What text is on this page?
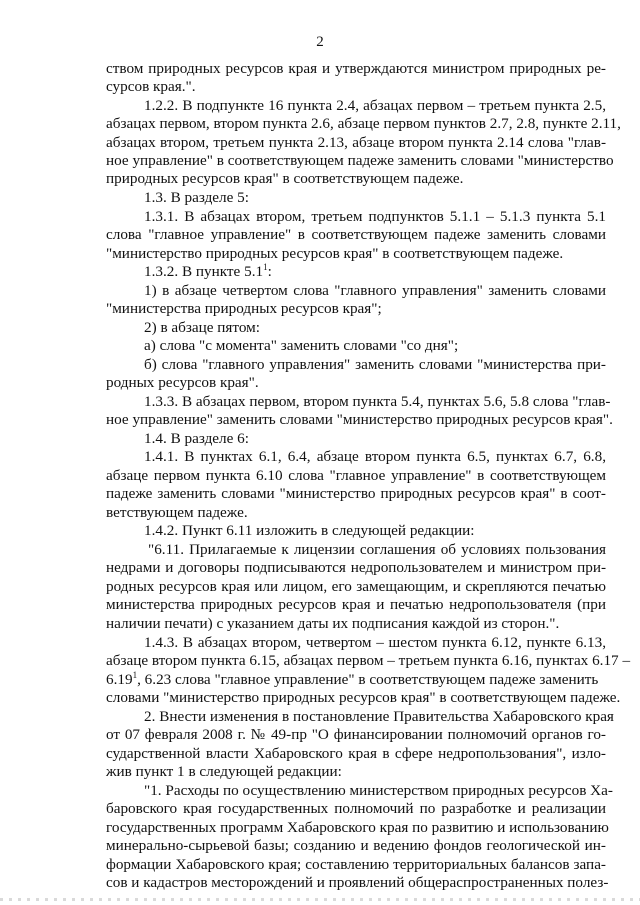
2
ством природных ресурсов края и утверждаются министром природных ре-
сурсов края.".
1.2.2. В подпункте 16 пункта 2.4, абзацах первом – третьем пункта 2.5,
абзацах первом, втором пункта 2.6, абзаце первом пунктов 2.7, 2.8, пункте 2.11,
абзацах втором, третьем пункта 2.13, абзаце втором пункта 2.14 слова "глав-
ное управление" в соответствующем падеже заменить словами "министерство
природных ресурсов края" в соответствующем падеже.
1.3. В разделе 5:
1.3.1. В абзацах втором, третьем подпунктов 5.1.1 – 5.1.3 пункта 5.1
слова "главное управление" в соответствующем падеже заменить словами
"министерство природных ресурсов края" в соответствующем падеже.
1.3.2. В пункте $5.1^1$:
1) в абзаце четвертом слова "главного управления" заменить словами
"министерства природных ресурсов края";
2) в абзаце пятом:
а) слова "с момента" заменить словами "со дня";
б) слова "главного управления" заменить словами "министерства при-
родных ресурсов края".
1.3.3. В абзацах первом, втором пункта 5.4, пунктах 5.6, 5.8 слова "глав-
ное управление" заменить словами "министерство природных ресурсов края".
1.4. В разделе 6:
1.4.1. В пунктах 6.1, 6.4, абзаце втором пункта 6.5, пунктах 6.7, 6.8,
абзаце первом пункта 6.10 слова "главное управление" в соответствующем
падеже заменить словами "министерство природных ресурсов края" в соот-
ветствующем падеже.
1.4.2. Пункт 6.11 изложить в следующей редакции:
"6.11. Прилагаемые к лицензии соглашения об условиях пользования
недрами и договоры подписываются недропользователем и министром при-
родных ресурсов края или лицом, его замещающим, и скрепляются печатью
министерства природных ресурсов края и печатью недропользователя (при
наличии печати) с указанием даты их подписания каждой из сторон.".
1.4.3. В абзацах втором, четвертом – шестом пункта 6.12, пункте 6.13,
абзаце втором пункта 6.15, абзацах первом – третьем пункта 6.16, пунктах 6.17 –
6.19$^1$, 6.23 слова "главное управление" в соответствующем падеже заменить
словами "министерство природных ресурсов края" в соответствующем падеже.
2. Внести изменения в постановление Правительства Хабаровского края
от 07 февраля 2008 г. № 49-пр "О финансировании полномочий органов го-
сударственной власти Хабаровского края в сфере недропользования", изло-
жив пункт 1 в следующей редакции:
"1. Расходы по осуществлению министерством природных ресурсов Ха-
баровского края государственных полномочий по разработке и реализации
государственных программ Хабаровского края по развитию и использованию
минерально-сырьевой базы; созданию и ведению фондов геологической ин-
формации Хабаровского края; составлению территориальных балансов запа-
сов и кадастров месторождений и проявлений общераспространенных полез-
